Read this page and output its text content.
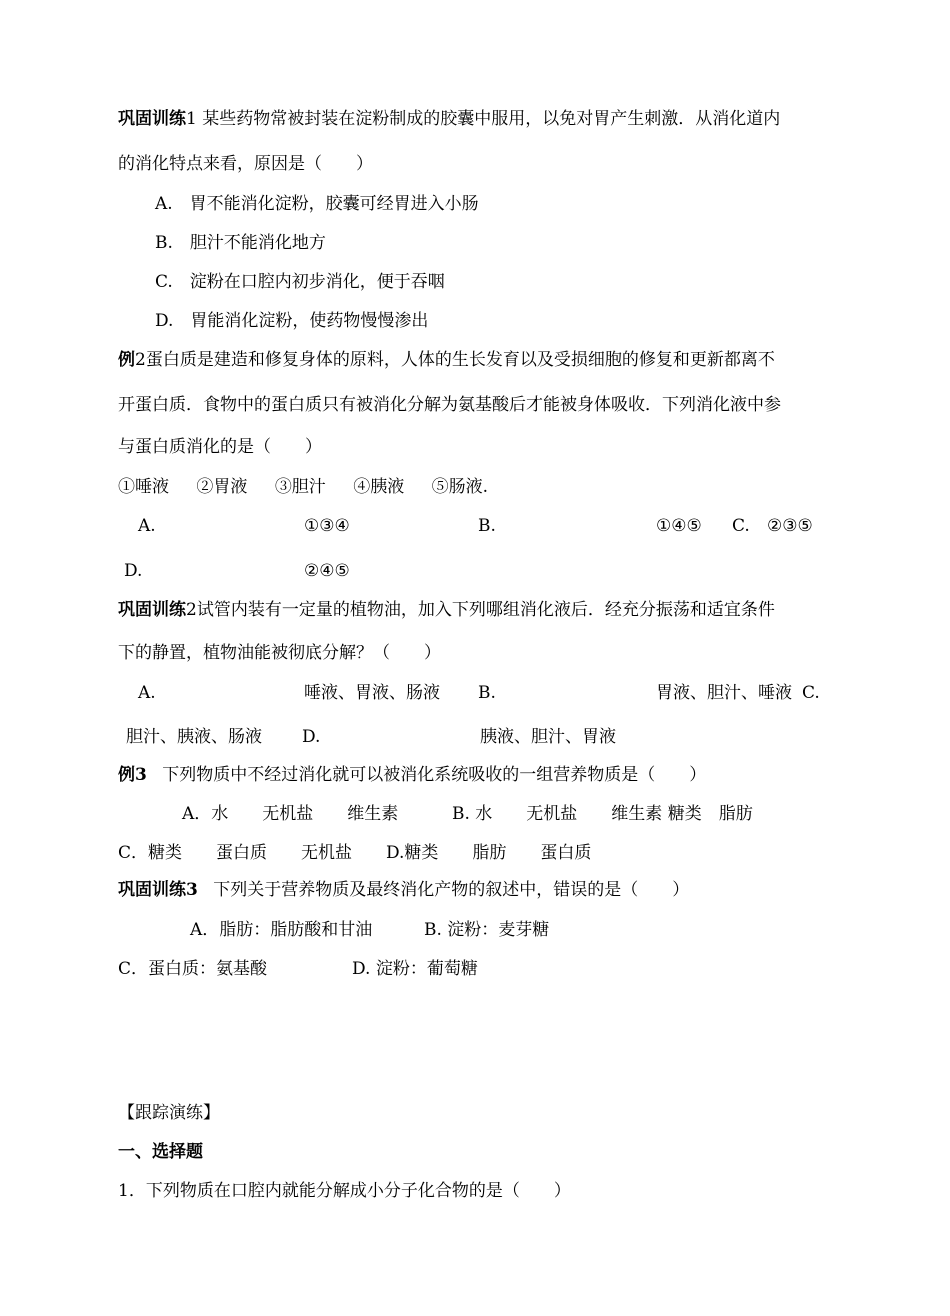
巩固训练1 某些药物常被封装在淀粉制成的胶囊中服用，以免对胃产生刺激．从消化道内
的消化特点来看，原因是（　　）
A.　胃不能消化淀粉，胶囊可经胃进入小肠
B.　胆汁不能消化地方
C.　淀粉在口腔内初步消化，便于吞咽
D.　胃能消化淀粉，使药物慢慢渗出
例2蛋白质是建造和修复身体的原料，人体的生长发育以及受损细胞的修复和更新都离不
开蛋白质．食物中的蛋白质只有被消化分解为氨基酸后才能被身体吸收．下列消化液中参
与蛋白质消化的是（　　）
①唾液 ②胃液 ③胆汁 ④胰液 ⑤肠液.
A.	①③④	B.	①④⑤ C. ②③⑤
D.	②④⑤
巩固训练2试管内装有一定量的植物油，加入下列哪组消化液后．经充分振荡和适宜条件
下的静置，植物油能被彻底分解？（　　）
A.	唾液、胃液、肠液 B.	胃液、胆汁、唾液 C.
胆汁、胰液、肠液 D.	胰液、胆汁、胃液
例3 下列物质中不经过消化就可以被消化系统吸收的一组营养物质是（　　）
A．水　　无机盐　　维生素	B. 水　　无机盐　　维生素 糖类　脂肪
C．糖类　　蛋白质　　无机盐 D.糖类　　脂肪　　蛋白质
巩固训练3 下列关于营养物质及最终消化产物的叙述中，错误的是（　　）
A．脂肪：脂肪酸和甘油	B. 淀粉：麦芽糖
C．蛋白质：氨基酸	D. 淀粉：葡萄糖
【跟踪演练】
一、选择题
1．下列物质在口腔内就能分解成小分子化合物的是（　　）
